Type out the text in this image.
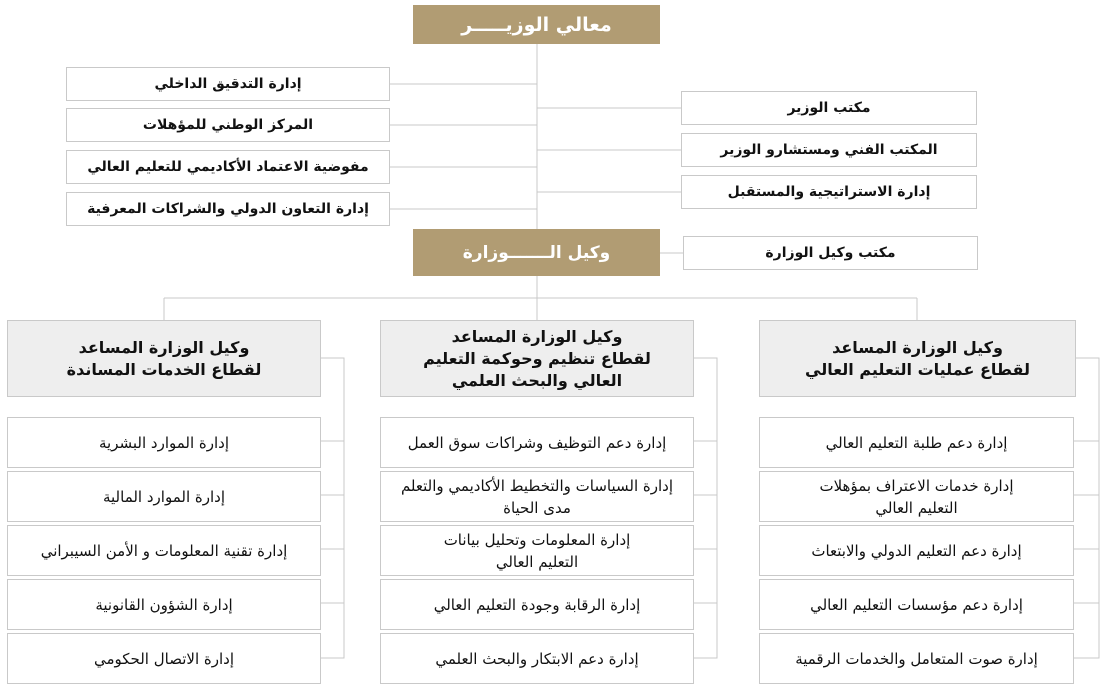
معالي الوزيـــــر
إدارة التدقيق الداخلي
المركز الوطني للمؤهلات
مفوضية الاعتماد الأكاديمي للتعليم العالي
إدارة التعاون الدولي والشراكات المعرفية
مكتب الوزير
المكتب الفني ومستشارو الوزير
إدارة الاستراتيجية والمستقبل
وكيل الـــــــوزارة	مكتب وكيل الوزارة
وكيل الوزارة المساعد
لقطاع الخدمات المساندة
وكيل الوزارة المساعد
لقطاع تنظيم وحوكمة التعليم
العالي والبحث العلمي
وكيل الوزارة المساعد
لقطاع عمليات التعليم العالي
إدارة الموارد البشرية
إدارة الموارد المالية
إدارة تقنية المعلومات و الأمن السيبراني
إدارة الشؤون القانونية
إدارة الاتصال الحكومي
إدارة دعم التوظيف وشراكات سوق العمل
إدارة السياسات والتخطيط الأكاديمي والتعلم مدى الحياة
إدارة المعلومات وتحليل بيانات التعليم العالي
إدارة الرقابة وجودة التعليم العالي
إدارة دعم الابتكار والبحث العلمي
إدارة دعم طلبة التعليم العالي
إدارة خدمات الاعتراف بمؤهلات التعليم العالي
إدارة دعم التعليم الدولي والابتعاث
إدارة دعم مؤسسات التعليم العالي
إدارة صوت المتعامل والخدمات الرقمية
